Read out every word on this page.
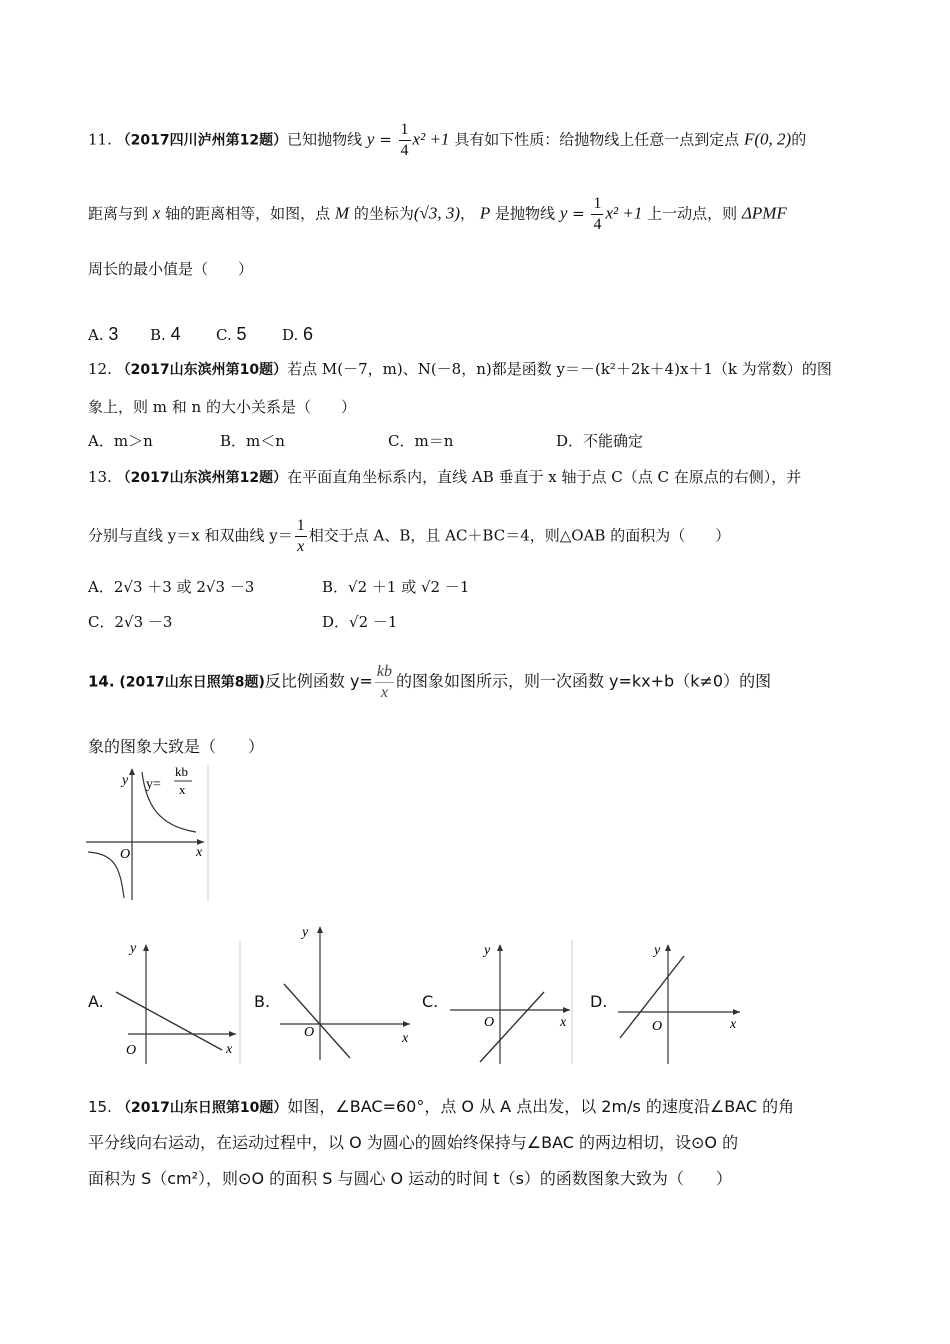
11. （2017四川泸州第12题）已知抛物线 $y = \frac{1}{4} x^2 +1$ 具有如下性质：给抛物线上任意一点到定点 F(0, 2)的
距离与到 x 轴的距离相等，如图，点 M 的坐标为(√3, 3)， P 是抛物线 $y = \frac{1}{4} x^2 +1$ 上一动点，则 ΔPMF
周长的最小值是（　　）
A. 3 B. 4 C. 5 D. 6
12. （2017山东滨州第10题）若点 M(－7，m)、N(－8，n)都是函数 y＝－(k²＋2k＋4)x＋1（k 为常数）的图
象上，则 m 和 n 的大小关系是（　　）
A．m＞n	B．m＜n	C．m＝n	D．不能确定
13. （2017山东滨州第12题）在平面直角坐标系内，直线 AB 垂直于 x 轴于点 C（点 C 在原点的右侧），并
分别与直线 y＝x 和双曲线 $y= \frac{1}{x}$ 相交于点 A、B，且 AC＋BC＝4，则△OAB 的面积为（　　）
A．2√3 ＋3 或 2√3 －3	B．√2 ＋1 或 √2 －1
C．2√3 －3	D．√2 －1
14. (2017山东日照第8题)反比例函数 $y= \frac{kb}{x}$ 的图象如图所示，则一次函数 y=kx+b（k≠0）的图
象的图象大致是（　　）
y y=
kb
x
O	x
A.
y
O	x
B.
y
O	x
C.
y
O	x
D.
y
O	x
15. （2017山东日照第10题）如图，∠BAC=60°，点 O 从 A 点出发，以 2m/s 的速度沿∠BAC 的角
平分线向右运动，在运动过程中，以 O 为圆心的圆始终保持与∠BAC 的两边相切，设⊙O 的
面积为 S（cm²），则⊙O 的面积 S 与圆心 O 运动的时间 t（s）的函数图象大致为（　　）
